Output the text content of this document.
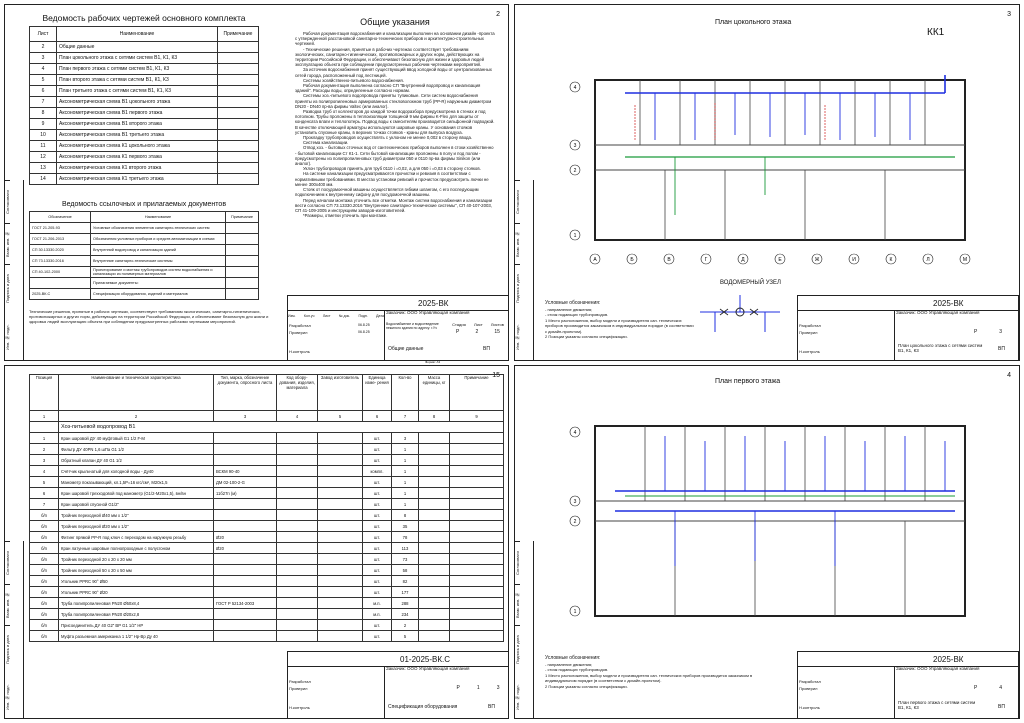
2
Согласовано
Взам. инв. №
Подпись и дата
Инв. № подл.
Ведомость рабочих чертежей основного комплекта
Лист	Наименование	Примечание
2	Общие данные	
3	План цокольного этажа с сетями систем В1, К1, К3	
4	План первого этажа с сетями систем В1, К1, К3	
5	План второго этажа с сетями систем В1, К1, К3	
6	План третьего этажа с сетями систем В1, К1, К3	
7	Аксонометрическая схема В1 цокольного этажа	
8	Аксонометрическая схема В1 первого этажа	
9	Аксонометрическая схема В1 второго этажа	
10	Аксонометрическая схема В1 третьего этажа	
11	Аксонометрическая схема К1 цокольного этажа	
12	Аксонометрическая схема К1 первого этажа	
13	Аксонометрическая схема К1 второго этажа	
14	Аксонометрическая схема К1 третьего этажа	
Ведомость ссылочных и прилагаемых документов
Обозначение	Наименование	Примечание
ГОСТ 21.205-93	Условные обозначения элементов санитарно-технических систем	
ГОСТ 21.206-2013	Обозначения условных приборов и средств автоматизации в схемах	
СП 30.13330.2020	Внутренний водопровод и канализация зданий	
СП 73.13330.2016	Внутренние санитарно-технические системы	
СП 40-102-2000	Проектирование и монтаж трубопроводов систем водоснабжения и канализации из полимерных материалов	
	Прилагаемые документы:	
2025-ВК.С	Спецификация оборудования, изделий и материалов	
Технические решения, принятые в рабочих чертежах, соответствуют требованиям экологических, санитарно-гигиенических, противопожарных и других норм, действующих на территории Российской Федерации, и обеспечивают безопасную для жизни и здоровья людей эксплуатацию объекта при соблюдении предусмотренных рабочими чертежами мероприятий.
Общие указания
Рабочая документация водоснабжения и канализации выполнен на основании дизайн -проекта с утвержденной расстановкой санитарно-технических приборов и архитектурно-строительных чертежей.
- Технические решения, принятые в рабочих чертежах соответствует требованиям экологических, санитарно-гигиенических, противопожарных и других норм, действующих на территории Российской Федерации, и обеспечивают безопасную для жизни и здоровья людей эксплуатацию объекта при соблюдении предусмотренных рабочим чертежами мероприятий.
За источник водоснабжения принят существующий ввод холодной воды от централизованных сетей города, расположенный под лестницей.
Системы хозяйственно-питьевого водоснабжения.
Рабочая документация выполнена согласно СП "Внутренний водопровод и канализация зданий". Расходы воды, определенные согласно нормам.
Системы хоз.-питьевого водопровода приняты тупиковые. Сети систем водоснабжения приняты из полипропиленовых армированных стекловолокном труб (PP-R) наружным диаметром DN20 - DN40 пр-ва фирмы Valtec (или аналог).
Разводка труб от коллекторов до каждой точки водоразбора предусмотрена в стенах и под потолком. Трубы проложены в теплоизоляции толщиной 9 мм фирмы K-Flex для защиты от конденсата влаги и теплопотерь. Подвод воды к смесителям производится сильфонной подводкой. В качестве отключающей арматуры используются шаровые краны. У основания стояков установить спускные краны, в верхних точках стояков - краны для выпуска воздуха.
Прокладку трубопроводов осуществлять с уклоном не менее 0,002 в сторону ввода.
Система канализации.
Отвод хоз. - бытовых сточных вод от сантехнических приборов выполнен в стоки хозяйственно - бытовой канализации Ст К1-1. Сети бытовой канализации проложены в полу и под полом - предусмотрены из полипропиленовых труб диаметром 050 и 0110 пр-ва фирмы Sinikon (или аналог).
Уклон трубопроводов принять для труб 0110 i =0,02, а для 050 i =0,03 в сторону стояков.
На системе канализации предусматриваются прочистки и ревизия в соответствии с нормативными требованиями. В местах установки ревизий и прочисток предусмотреть лючки не менее 300x400 мм.
Стояк от посудомоечной машины осуществляется гибким шлангом, с его последующим подключением к внутреннему сифону для посудомоечной машины.
Перед началом монтажа уточнить все отметки. Монтаж систем водоснабжения и канализации вести согласно СП 73.13330.2016 "Внутренние санитарно-технические системы", СП 40-107-2003, СП 41-109-2005 и инструкциям заводов-изготовителей.
*Размеры, отметки уточнить при монтаже.
2025-ВК
Заказчик: ООО Управляющая компания
Изм. Кол.уч Лист № док. Подп. Дата
Разработал
Проверил
Н.контроль
06.8.25
06.8.25
Водоснабжение и водоотведение нежилого здания по адресу: г.Уч
Стадия Лист Листов
Р	2	15
Общие данные	ВП
Формат А3
3
План цокольного этажа
КК1
Согласовано
Взам. инв. №
Подпись и дата
Инв. № подл.
4
3
2
1
А	Б	В	Г	Д	Е	Ж	И	К	Л	М
ВОДОМЕРНЫЙ УЗЕЛ
Условные обозначения:
- направление движения;
- стояк подающих трубопроводов.
1 Место расположения, выбор модели и производителя сан. технических приборов производится заказчиком в индивидуальном порядке (в соответствии с дизайн-проектом).
2 Позиции указаны согласно спецификации.
2025-ВК
Заказчик: ООО Управляющая компания
Разработал
Проверил
Н.контроль
Р	3
План цокольного этажа с сетями систем В1, К1, К3	ВП
15
Согласовано
Взам. инв. №
Подпись и дата
Инв. № подл.
Позиция	Наименование и техническая характеристика	Тип, марка, обозначение документа, опросного листа	Код обору- дования, изделия, материала	Завод изготовитель	Единица изме- рения	Кол-во	Масса единицы, кг	Примечание
1	2	3	4	5	6	7	8	9
	Хоз-питьевой водопровод В1							
1	Кран шаровой ДУ 40 муфтовый G1 1/2 F-M				шт.	3		
2	Фильтр ДУ 40PN 1,6 шПа G1 1/2				шт.	1		
3	Обратный клапан ДУ 40 G1 1/2				шт.	1		
4	Счётчик крыльчатый для холодной воды - Ду40	ВСКМ 90-40			компл.	1		
5	Манометр показывающий, кл.1,5Р=16 кгс/см², М20х1,5	ДМ 02-100-2-G			шт.	1		
6	Кран шаровой трехходовой под манометр (G1/2-М20х1,5), вн/вн	11б27п (м)			шт.	1		
7	Кран шаровой спускной G1/2"				шт.	1		
б/п	Тройник переходной Ø40 мм х 1/2"				шт.	8		
б/п	Тройник переходной Ø20 мм х 1/2"				шт.	35		
б/п	Фитинг прямой PP-R под ключ с переходом на наружную резьбу	Ø20			шт.	78		
б/п	Кран латунные шаровые полнопроходные с полусгоном	Ø20			шт.	113		
б/п	Тройник переходной 20 х 20 х 20 мм				шт.	73		
б/п	Тройник переходной 50 х 20 х 50 мм				шт.	58		
б/п	Угольник PPRC 90° Ø50				шт.	82		
б/п	Угольник PPRC 90° Ø20				шт.	177		
б/п	Труба полипропиленовая PN20 Ø50х8,4	ГОСТ Р 52134-2003			м.п.	288		
б/п	Труба полипропиленовая PN20 Ø20х2,8				м.п.	234		
б/п	Присоединитель ДУ 40 G2" ВР G1 1/2" НР				шт.	2		
б/п	Муфта разъемная американка 1 1/2" Нр-Вр Ду 40				шт.	5		
01-2025-ВК.С
Заказчик: ООО Управляющая компания
Разработал
Проверил
Н.контроль
Р	1	3
Спецификация оборудования	ВП
4
План первого этажа
Согласовано
Взам. инв. №
Подпись и дата
Инв. № подл.
4
3
2
1
Условные обозначения:
- направление движения;
- стояк подающих трубопроводов.
1 Место расположения, выбор модели и производителя сан. технических приборов производится заказчиком в индивидуальном порядке (в соответствии с дизайн-проектом).
2 Позиции указаны согласно спецификации.
2025-ВК
Заказчик: ООО Управляющая компания
Разработал
Проверил
Н.контроль
Р	4
План первого этажа с сетями систем В1, К1, К3	ВП
